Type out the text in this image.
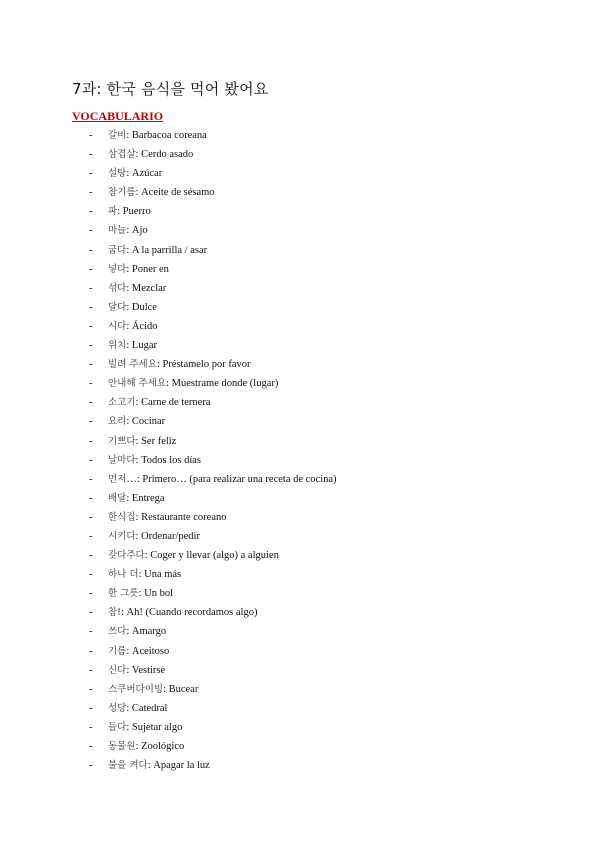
7과: 한국 음식을 먹어 봤어요
VOCABULARIO
- 갈비: Barbacoa coreana
- 삼겹살: Cerdo asado
- 설탕: Azúcar
- 참기름: Aceite de sésamo
- 파: Puerro
- 마늘: Ajo
- 굽다: A la parrilla / asar
- 넣다: Poner en
- 섞다: Mezclar
- 달다: Dulce
- 시다: Ácido
- 위치: Lugar
- 빌려 주세요: Préstamelo por favor
- 안내해 주세요: Muestrame donde (lugar)
- 소고기: Carne de ternera
- 요리: Cocinar
- 기쁘다: Ser feliz
- 날마다: Todos los días
- 먼저…: Primero… (para realizar una receta de cocina)
- 배달: Entrega
- 한식집: Restaurante coreano
- 시키다: Ordenar/pedir
- 갖다주다: Coger y llevar (algo) a alguien
- 하나 더: Una más
- 한 그릇: Un bol
- 참!: Ah! (Cuando recordamos algo)
- 쓰다: Amargo
- 기름: Aceitoso
- 신다: Vestirse
- 스쿠버다이빙: Bucear
- 성당: Catedral
- 들다: Sujetar algo
- 동물원: Zoológico
- 불을 켜다: Apagar la luz
